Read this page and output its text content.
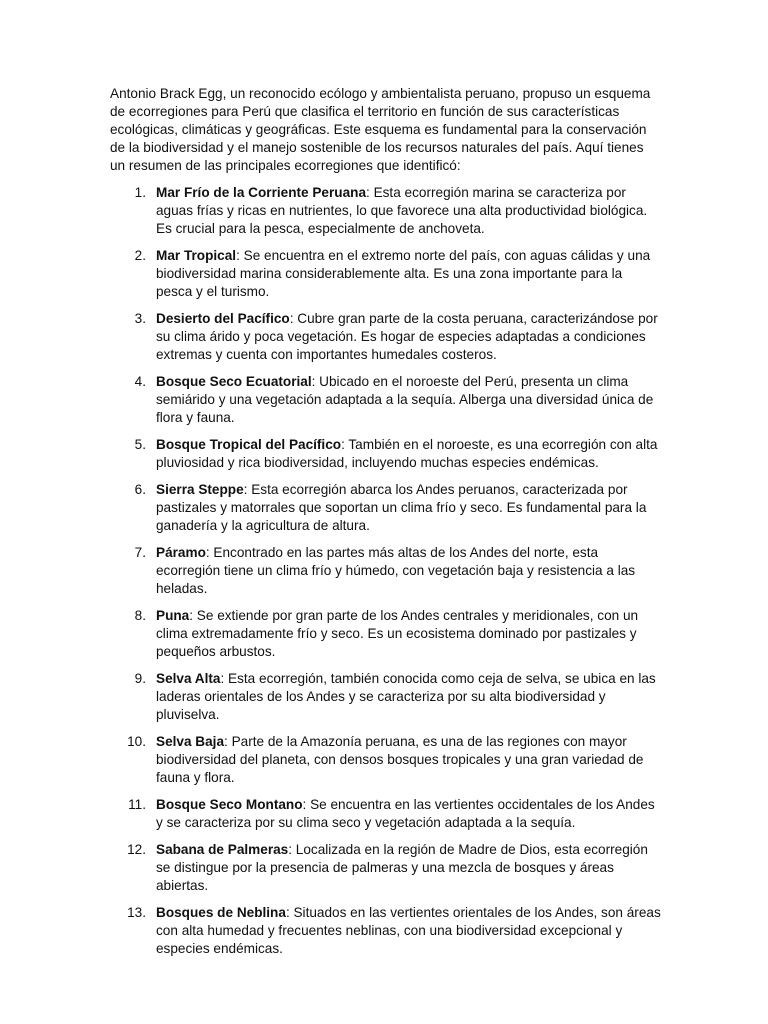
Antonio Brack Egg, un reconocido ecólogo y ambientalista peruano, propuso un esquema de ecorregiones para Perú que clasifica el territorio en función de sus características ecológicas, climáticas y geográficas. Este esquema es fundamental para la conservación de la biodiversidad y el manejo sostenible de los recursos naturales del país. Aquí tienes un resumen de las principales ecorregiones que identificó:

1. Mar Frío de la Corriente Peruana: Esta ecorregión marina se caracteriza por aguas frías y ricas en nutrientes, lo que favorece una alta productividad biológica. Es crucial para la pesca, especialmente de anchoveta.
2. Mar Tropical: Se encuentra en el extremo norte del país, con aguas cálidas y una biodiversidad marina considerablemente alta. Es una zona importante para la pesca y el turismo.
3. Desierto del Pacífico: Cubre gran parte de la costa peruana, caracterizándose por su clima árido y poca vegetación. Es hogar de especies adaptadas a condiciones extremas y cuenta con importantes humedales costeros.
4. Bosque Seco Ecuatorial: Ubicado en el noroeste del Perú, presenta un clima semiárido y una vegetación adaptada a la sequía. Alberga una diversidad única de flora y fauna.
5. Bosque Tropical del Pacífico: También en el noroeste, es una ecorregión con alta pluviosidad y rica biodiversidad, incluyendo muchas especies endémicas.
6. Sierra Steppe: Esta ecorregión abarca los Andes peruanos, caracterizada por pastizales y matorrales que soportan un clima frío y seco. Es fundamental para la ganadería y la agricultura de altura.
7. Páramo: Encontrado en las partes más altas de los Andes del norte, esta ecorregión tiene un clima frío y húmedo, con vegetación baja y resistencia a las heladas.
8. Puna: Se extiende por gran parte de los Andes centrales y meridionales, con un clima extremadamente frío y seco. Es un ecosistema dominado por pastizales y pequeños arbustos.
9. Selva Alta: Esta ecorregión, también conocida como ceja de selva, se ubica en las laderas orientales de los Andes y se caracteriza por su alta biodiversidad y pluviselva.
10. Selva Baja: Parte de la Amazonía peruana, es una de las regiones con mayor biodiversidad del planeta, con densos bosques tropicales y una gran variedad de fauna y flora.
11. Bosque Seco Montano: Se encuentra en las vertientes occidentales de los Andes y se caracteriza por su clima seco y vegetación adaptada a la sequía.
12. Sabana de Palmeras: Localizada en la región de Madre de Dios, esta ecorregión se distingue por la presencia de palmeras y una mezcla de bosques y áreas abiertas.
13. Bosques de Neblina: Situados en las vertientes orientales de los Andes, son áreas con alta humedad y frecuentes neblinas, con una biodiversidad excepcional y especies endémicas.
